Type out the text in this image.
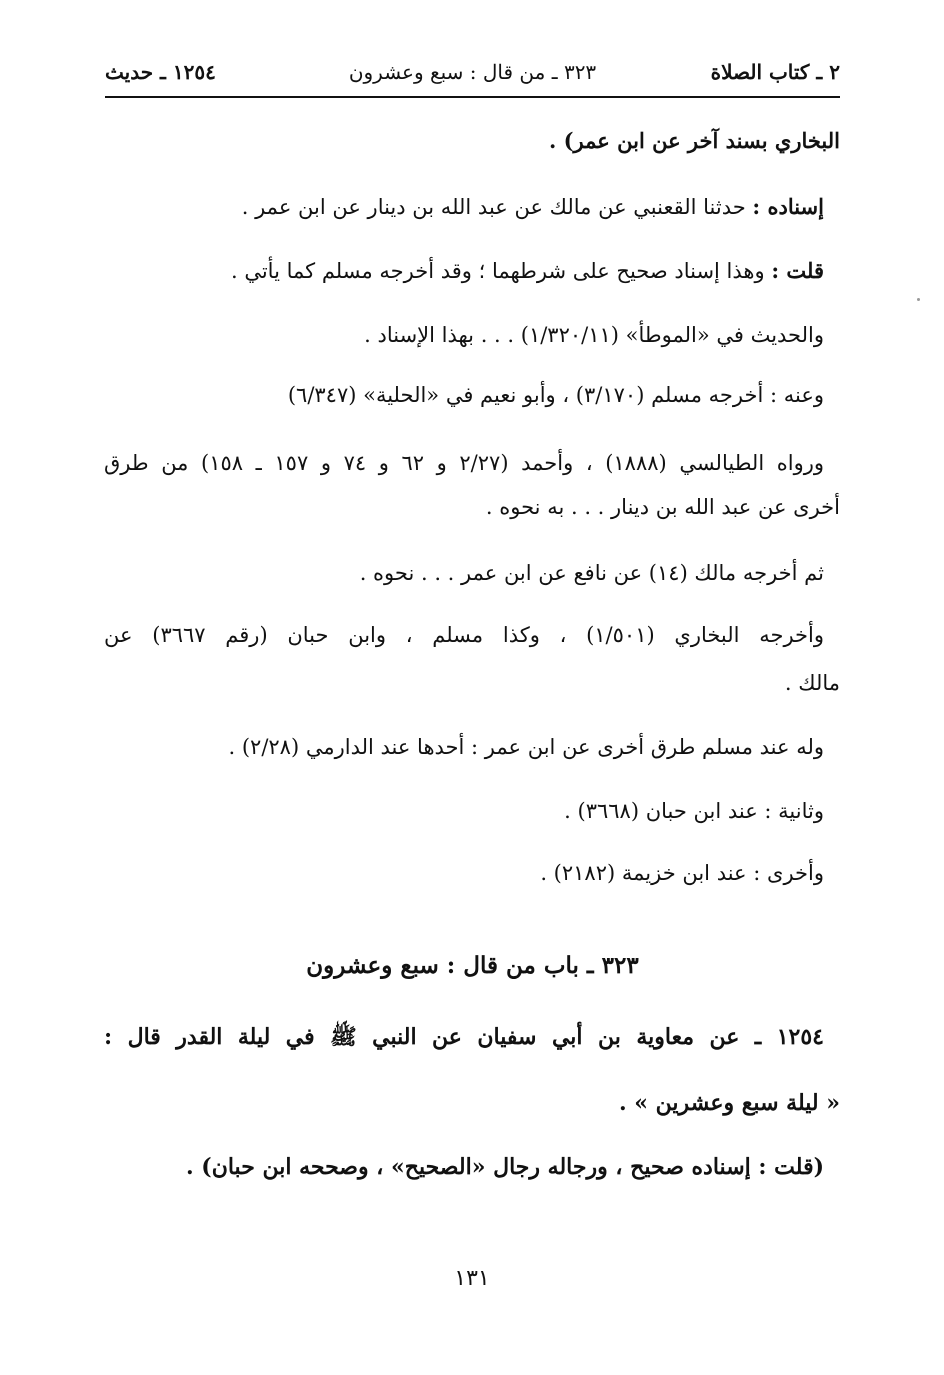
٢ ـ كتاب الصلاة
٣٢٣ ـ من قال : سبع وعشرون
١٢٥٤ ـ حديث
البخاري بسند آخر عن ابن عمر) .
إسناده : حدثنا القعنبي عن مالك عن عبد الله بن دينار عن ابن عمر .
قلت : وهذا إسناد صحيح على شرطهما ؛ وقد أخرجه مسلم كما يأتي .
والحديث في «الموطأ» (١/٣٢٠/١١) . . . بهذا الإسناد .
وعنه : أخرجه مسلم (٣/١٧٠) ، وأبو نعيم في «الحلية» (٦/٣٤٧)
ورواه الطيالسي (١٨٨٨) ، وأحمد (٢/٢٧ و ٦٢ و ٧٤ و ١٥٧ ـ ١٥٨) من طرق
أخرى عن عبد الله بن دينار . . . به نحوه .
ثم أخرجه مالك (١٤) عن نافع عن ابن عمر . . . نحوه .
وأخرجه البخاري (١/٥٠١) ، وكذا مسلم ، وابن حبان (رقم ٣٦٦٧) عن
مالك .
وله عند مسلم طرق أخرى عن ابن عمر : أحدها عند الدارمي (٢/٢٨) .
وثانية : عند ابن حبان (٣٦٦٨) .
وأخرى : عند ابن خزيمة (٢١٨٢) .
٣٢٣ ـ باب من قال : سبع وعشرون
١٢٥٤ ـ عن معاوية بن أبي سفيان عن النبي ﷺ في ليلة القدر قال :
« ليلة سبع وعشرين » .
(قلت : إسناده صحيح ، ورجاله رجال «الصحيح» ، وصححه ابن حبان) .
١٣١
